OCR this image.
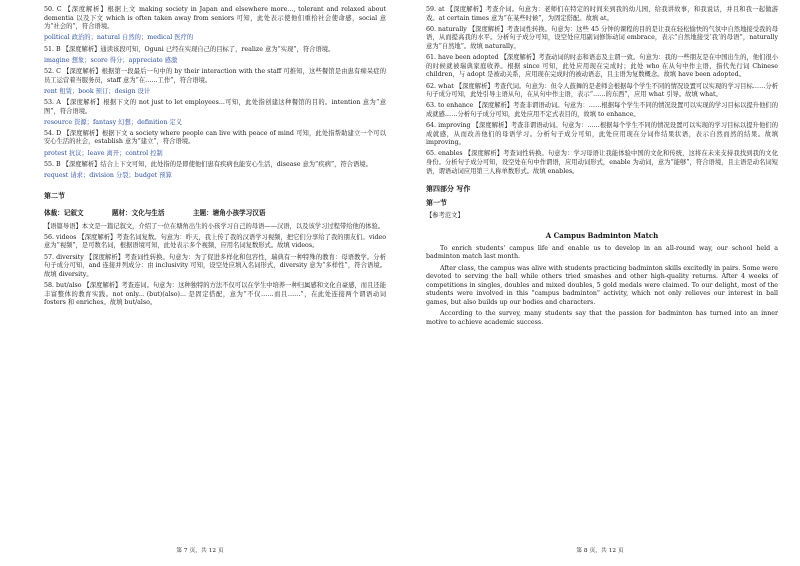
50. C 【深度解析】根据上文 making society in Japan and elsewhere more..., tolerant and relaxed about dementia 以及下文 which is often taken away from seniors 可知，此处表示使他们重拾社会使命感，social 意为“社会的”，符合语境。

political 政治的；natural 自然的；medical 医疗的

51. B 【深度解析】通读该段可知，Oguni 已经在实现自己的目标了，realize 意为“实现”，符合语境。

imagine 想象；score 得分；appreciate 感激

52. C 【深度解析】根据第一段最后一句中的 by their interaction with the staff 可推知，这些餐馆是由患有痴呆症的员工运营着当服务员，staff 意为“在……工作”，符合语境。

rent 租赁；book 预订；design 设计

53. A 【深度解析】根据下文的 not just to let employees...可知，此处指创建这种餐馆的目的。intention 意为“意图”，符合语境。

resource 资源；fantasy 幻想；definition 定义

54. D 【深度解析】根据下文 a society where people can live with peace of mind 可知，此处指帮助建立一个可以安心生活的社会，establish 意为“建立”，符合语境。

protest 抗议；leave 离开；control 控制

55. B 【深度解析】结合上下文可知，此处指的是即使他们患有疾病也能安心生活，disease 意为“疾病”，符合语境。

request 请求；division 分裂；budget 预算

第二节
体裁：记叙文	题材：文化与生活	主题：塘角小孩学习汉语

【语篇导语】本文是一篇记叙文，介绍了一位在塘角出生的小孩学习自己的母语——汉语，以及该学习过程带给他的体验。

56. videos 【深度解析】考查名词复数。句意为：昨天，我上传了我的汉语学习视频，把它们分享给了我的朋友们。video 意为“视频”，是可数名词，根据语境可知，此处表示多个视频，应用名词复数形式。故填 videos。

57. diversity 【深度解析】考查词性转换。句意为：为了促进多样化和包容性，瑞典有一种特殊的教育：母语教学。分析句子成分可知，and 连接并列成分：由 inclusivity 可知，设空处应填入名词形式，diversity 意为“多样性”，符合语境。故填 diversity。

58. but/also 【深度解析】考查连词。句意为：这种独特的方法不仅可以在学生中培养一种归属感和文化自豪感，而且还能丰富整体的教育实践。not only... (but)(also)... 是固定搭配，意为“不仅……而且……”，在此处连接两个谓语动词 fosters 和 enriches。故填 but/also。

第 7 页，共 12 页

59. at 【深度解析】考查介词。句意为：老师们在特定的时间来到我的幼儿园，给我讲故事，和我说话，并且和我一起做游戏。at certain times 意为“在某些时候”，为固定搭配。故填 at。

60. naturally 【深度解析】考查词性转换。句意为：这些 45 分钟的课程的目的是让我在轻松愉快的气氛中自然地接受我的母语，从而提高我的水平。分析句子成分可知，设空处应用副词修饰动词 embrace，表示“自然地接受‘我’的母语”，naturally 意为“自然地”。故填 naturally。

61. have been adopted 【深度解析】考查动词的时态和语态及主谓一致。句意为：我的一些朋友是在中国出生的，他们很小的时候就被瑞典家庭收养。根据 since 可知，此处应用现在完成时；此处 who 在从句中作主语，指代先行词 Chinese children，与 adopt 是被动关系，应用现在完成时的被动语态，且主语为复数概念。故填 have been adopted。

62. what 【深度解析】考查代词。句意为：但令人鼓舞的是老师会根据每个学生不同的情况设置可以实现的学习目标……分析句子成分可知，此处引导主语从句，在从句中作主语，表示“……的东西”，应用 what 引导。故填 what。

63. to enhance 【深度解析】考查非谓语动词。句意为：……根据每个学生不同的情况设置可以实现的学习目标以提升他们的成就感……分析句子成分可知，此处应用不定式表目的，故填 to enhance。

64. improving 【深度解析】考查非谓语动词。句意为：……根据每个学生不同的情况设置可以实现的学习目标以提升他们的成就感，从而改善他们的母语学习。分析句子成分可知，此处应用现在分词作结果状语，表示自然而然的结果。故填 improving。

65. enables 【深度解析】考查词性转换。句意为：学习母语让我能体验中国的文化和传统，这将在未来支持我找到我的文化身份。分析句子成分可知，设空处在句中作谓语，应用动词形式，enable 为动词，意为“能够”，符合语境，且主语是动名词短语，谓语动词应用第三人称单数形式。故填 enables。

第四部分 写作
第一节

【参考范文】

A Campus Badminton Match

To enrich students' campus life and enable us to develop in an all-round way, our school held a badminton match last month.

After class, the campus was alive with students practicing badminton skills excitedly in pairs. Some were devoted to serving the ball while others tried smashes and other high-quality returns. After 4 weeks of competitions in singles, doubles and mixed doubles, 5 gold medals were claimed. To our delight, most of the students were involved in this "campus badminton" activity, which not only relieves our interest in ball games, but also builds up our bodies and characters.

According to the survey, many students say that the passion for badminton has turned into an inner motive to achieve academic success.

第 8 页，共 12 页
